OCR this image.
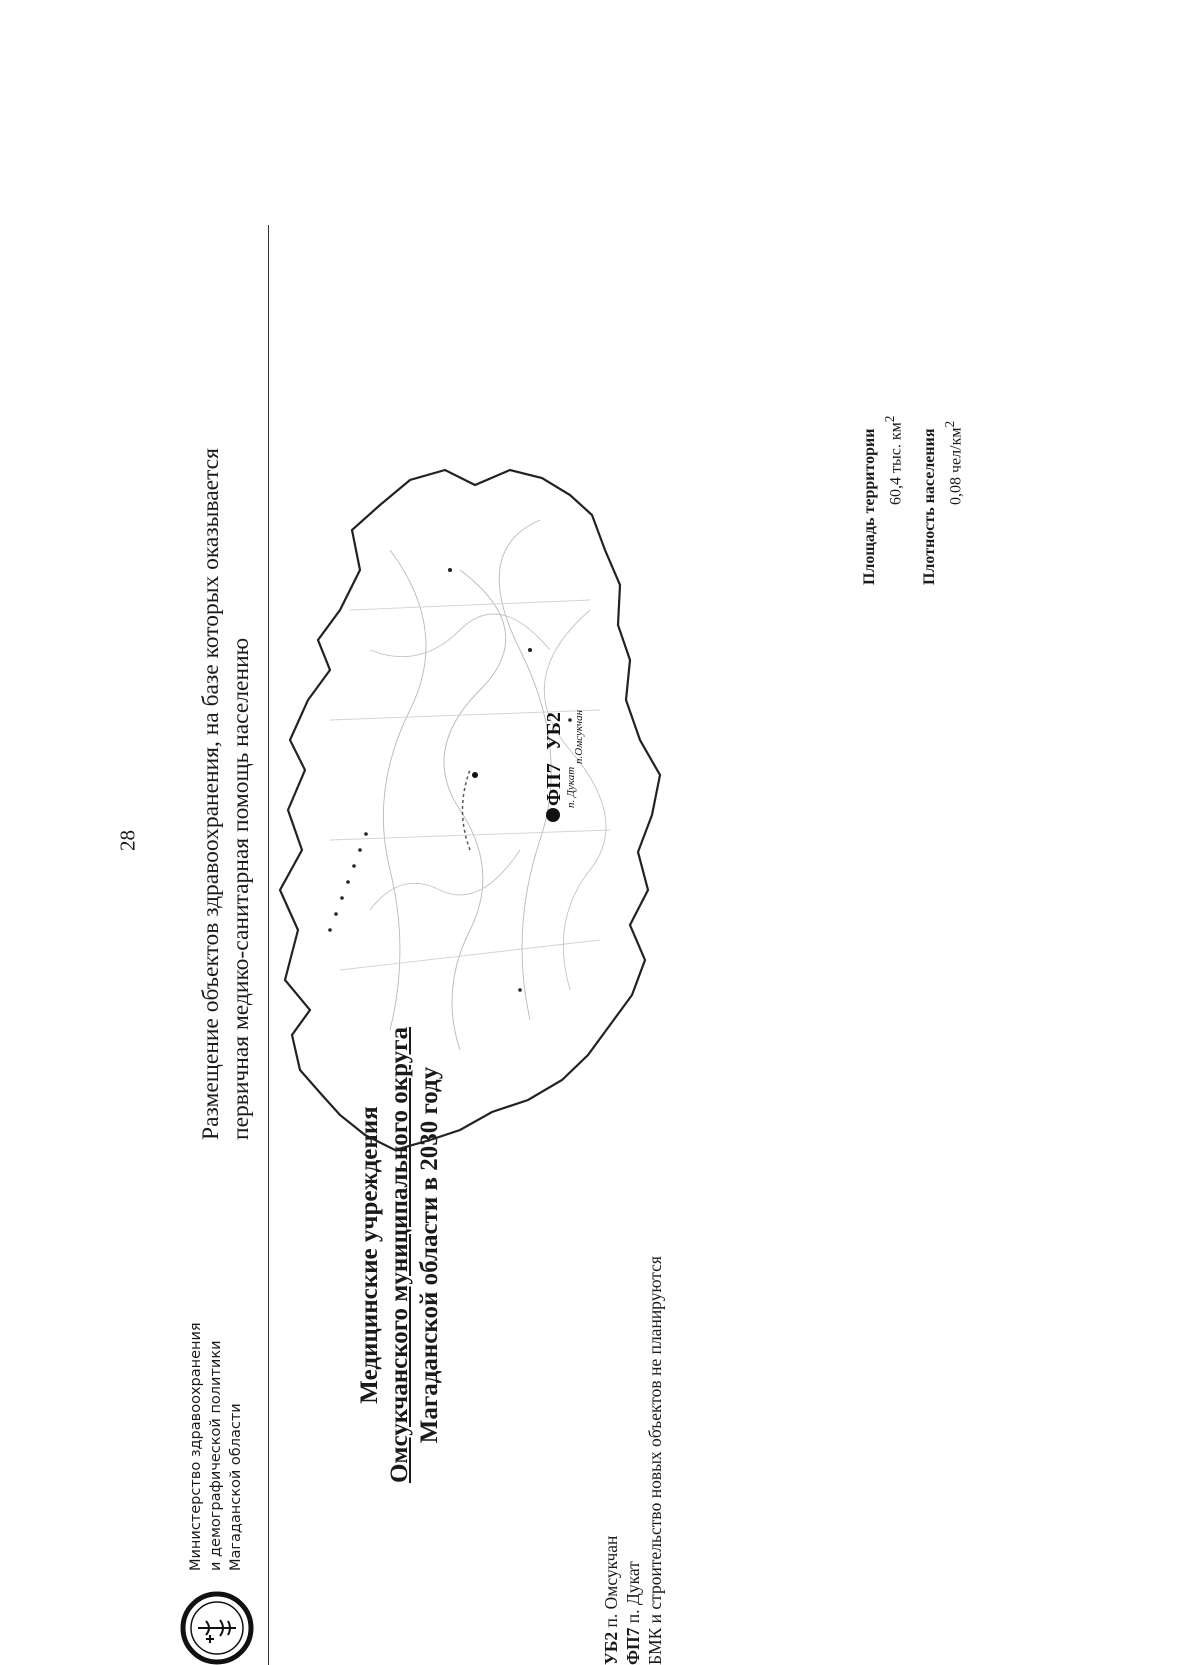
28
Министерство здравоохранения и демографической политики Магаданской области
Размещение объектов здравоохранения, на базе которых оказывается первичная медико-санитарная помощь населению
Медицинские учреждения Омсукчанского муниципального округа Магаданской области в 2030 году
УБ2 п. Омсукчан
ФП7 п. Дукат БМК и строительство новых объектов не планируются
ФП7
УБ2
п. Дукат
п.Омсукчан
Площадь территории 60,4 тыс. $км^2$
Плотность населения 0,08 чел/$км^2$
